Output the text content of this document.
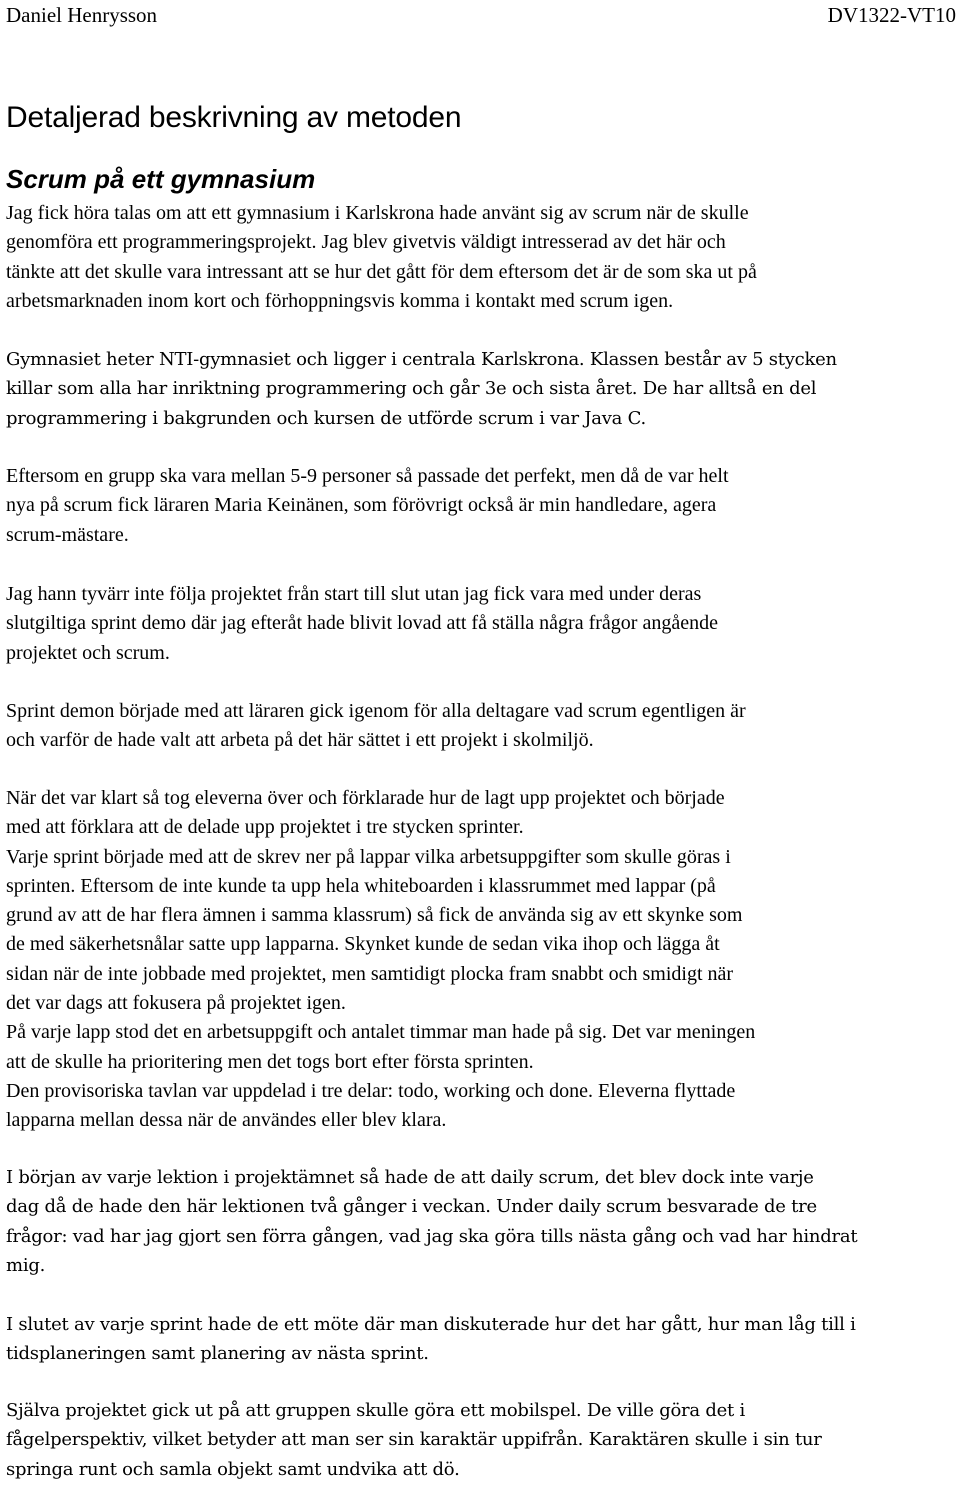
Daniel Henrysson	DV1322-VT10
Detaljerad beskrivning av metoden
Scrum på ett gymnasium

Jag fick höra talas om att ett gymnasium i Karlskrona hade använt sig av scrum när de skulle
genomföra ett programmeringsprojekt. Jag blev givetvis väldigt intresserad av det här och
tänkte att det skulle vara intressant att se hur det gått för dem eftersom det är de som ska ut på
arbetsmarknaden inom kort och förhoppningsvis komma i kontakt med scrum igen.

Gymnasiet heter NTI-gymnasiet och ligger i centrala Karlskrona. Klassen består av 5 stycken
killar som alla har inriktning programmering och går 3e och sista året. De har alltså en del
programmering i bakgrunden och kursen de utförde scrum i var Java C.

Eftersom en grupp ska vara mellan 5-9 personer så passade det perfekt, men då de var helt
nya på scrum fick läraren Maria Keinänen, som förövrigt också är min handledare, agera
scrum-mästare.

Jag hann tyvärr inte följa projektet från start till slut utan jag fick vara med under deras
slutgiltiga sprint demo där jag efteråt hade blivit lovad att få ställa några frågor angående
projektet och scrum.

Sprint demon började med att läraren gick igenom för alla deltagare vad scrum egentligen är
och varför de hade valt att arbeta på det här sättet i ett projekt i skolmiljö.

När det var klart så tog eleverna över och förklarade hur de lagt upp projektet och började
med att förklara att de delade upp projektet i tre stycken sprinter.
Varje sprint började med att de skrev ner på lappar vilka arbetsuppgifter som skulle göras i
sprinten. Eftersom de inte kunde ta upp hela whiteboarden i klassrummet med lappar (på
grund av att de har flera ämnen i samma klassrum) så fick de använda sig av ett skynke som
de med säkerhetsnålar satte upp lapparna. Skynket kunde de sedan vika ihop och lägga åt
sidan när de inte jobbade med projektet, men samtidigt plocka fram snabbt och smidigt när
det var dags att fokusera på projektet igen.
På varje lapp stod det en arbetsuppgift och antalet timmar man hade på sig. Det var meningen
att de skulle ha prioritering men det togs bort efter första sprinten.
Den provisoriska tavlan var uppdelad i tre delar: todo, working och done. Eleverna flyttade
lapparna mellan dessa när de användes eller blev klara.

I början av varje lektion i projektämnet så hade de att daily scrum, det blev dock inte varje
dag då de hade den här lektionen två gånger i veckan. Under daily scrum besvarade de tre
frågor: vad har jag gjort sen förra gången, vad jag ska göra tills nästa gång och vad har hindrat
mig.

I slutet av varje sprint hade de ett möte där man diskuterade hur det har gått, hur man låg till i
tidsplaneringen samt planering av nästa sprint.

Själva projektet gick ut på att gruppen skulle göra ett mobilspel. De ville göra det i
fågelperspektiv, vilket betyder att man ser sin karaktär uppifrån. Karaktären skulle i sin tur
springa runt och samla objekt samt undvika att dö.
